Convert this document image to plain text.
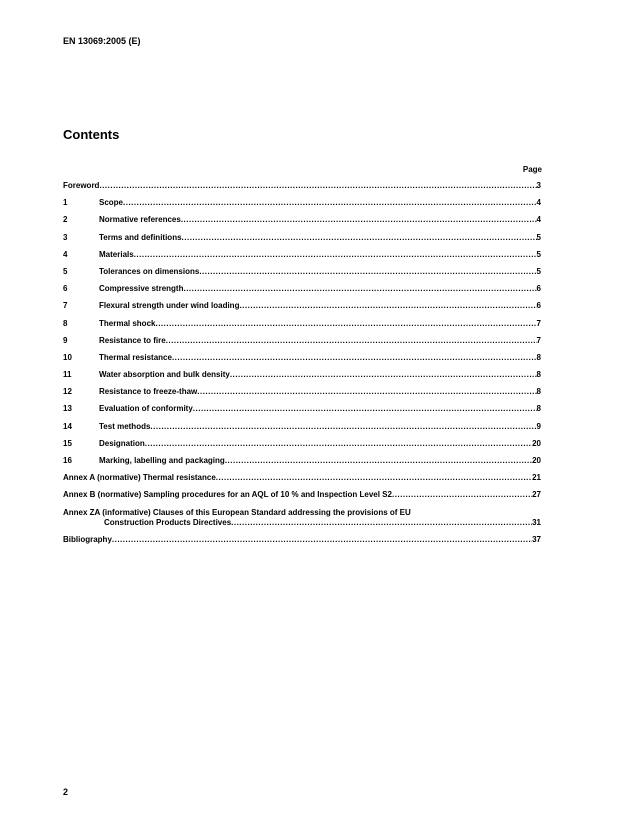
EN 13069:2005 (E)
Contents
Page
Foreword .....	3
1	Scope .....	4
2	Normative references .....	4
3	Terms and definitions .....	5
4	Materials .....	5
5	Tolerances on dimensions .....	5
6	Compressive strength .....	6
7	Flexural strength under wind loading .....	6
8	Thermal shock .....	7
9	Resistance to fire .....	7
10	Thermal resistance .....	8
11	Water absorption and bulk density .....	8
12	Resistance to freeze-thaw .....	8
13	Evaluation of conformity .....	8
14	Test methods .....	9
15	Designation .....	20
16	Marking, labelling and packaging .....	20
Annex A (normative) Thermal resistance .....	21
Annex B (normative) Sampling procedures for an AQL of 10 % and Inspection Level S2 .....	27
Annex ZA (informative) Clauses of this European Standard addressing the provisions of EU
Construction Products Directives .....	31
Bibliography .....	37
2
